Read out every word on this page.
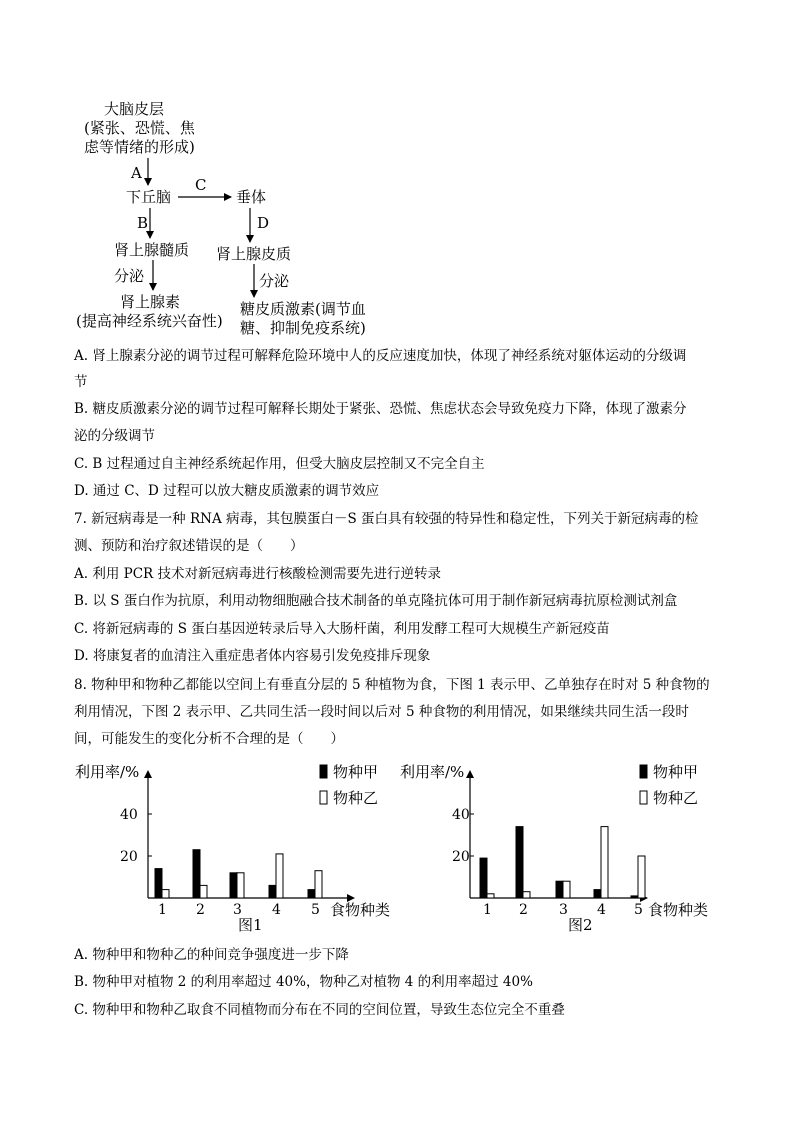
大脑皮层
(紧张、恐慌、焦
虑等情绪的形成)
A
下丘脑
C
垂体
B	D
肾上腺髓质 肾上腺皮质
分泌	分泌
肾上腺素
(提高神经系统兴奋性)
糖皮质激素(调节血
糖、抑制免疫系统)
A. 肾上腺素分泌的调节过程可解释危险环境中人的反应速度加快，体现了神经系统对躯体运动的分级调
节
B. 糖皮质激素分泌的调节过程可解释长期处于紧张、恐慌、焦虑状态会导致免疫力下降，体现了激素分
泌的分级调节
C. B 过程通过自主神经系统起作用，但受大脑皮层控制又不完全自主
D. 通过 C、D 过程可以放大糖皮质激素的调节效应
7. 新冠病毒是一种 RNA 病毒，其包膜蛋白－S 蛋白具有较强的特异性和稳定性，下列关于新冠病毒的检
测、预防和治疗叙述错误的是（　　）
A. 利用 PCR 技术对新冠病毒进行核酸检测需要先进行逆转录
B. 以 S 蛋白作为抗原，利用动物细胞融合技术制备的单克隆抗体可用于制作新冠病毒抗原检测试剂盒
C. 将新冠病毒的 S 蛋白基因逆转录后导入大肠杆菌，利用发酵工程可大规模生产新冠疫苗
D. 将康复者的血清注入重症患者体内容易引发免疫排斥现象
8. 物种甲和物种乙都能以空间上有垂直分层的 5 种植物为食，下图 1 表示甲、乙单独存在时对 5 种食物的
利用情况，下图 2 表示甲、乙共同生活一段时间以后对 5 种食物的利用情况，如果继续共同生活一段时
间，可能发生的变化分析不合理的是（　　）
利用率/%
20
40
1 2 3 4 5 食物种类
图1
物种甲
物种乙
利用率/%
20
40
1 2 3 4 5 食物种类
图2
物种甲
物种乙
A. 物种甲和物种乙的种间竞争强度进一步下降
B. 物种甲对植物 2 的利用率超过 40%，物种乙对植物 4 的利用率超过 40%
C. 物种甲和物种乙取食不同植物而分布在不同的空间位置，导致生态位完全不重叠
